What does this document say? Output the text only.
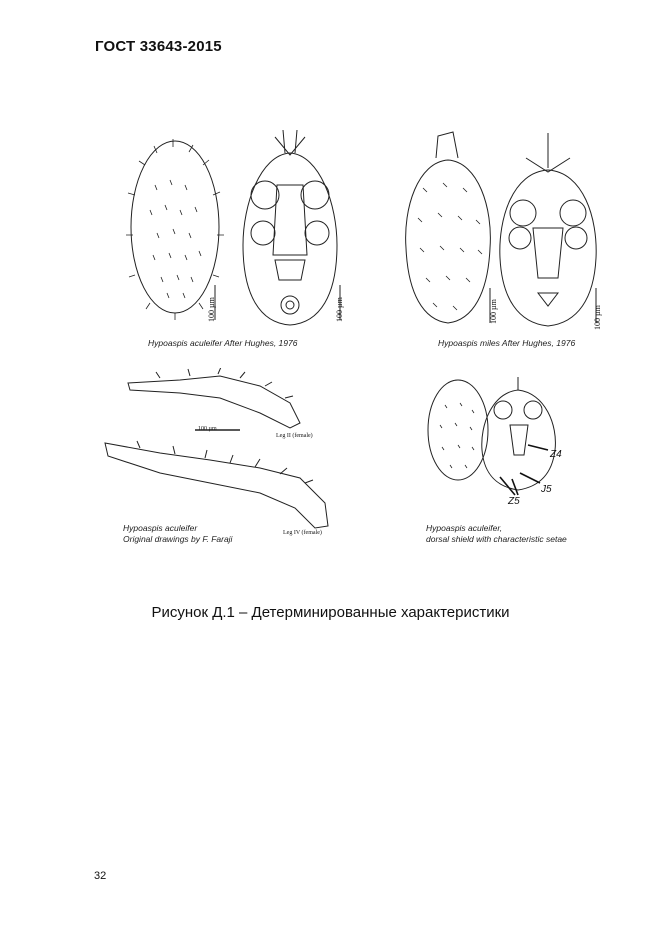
ГОСТ 33643-2015
100 µm	100 µm
Hypoaspis aculeifer After Hughes, 1976
100 µm	100 µm
Hypoaspis miles After Hughes, 1976
100 µm
Leg II (female)
Leg IV (female)
Hypoaspis aculeifer
Original drawings by F. Faraji
Z4
J5
Z5
Hypoaspis aculeifer,
dorsal shield with characteristic setae
Рисунок Д.1 – Детерминированные характеристики
32
